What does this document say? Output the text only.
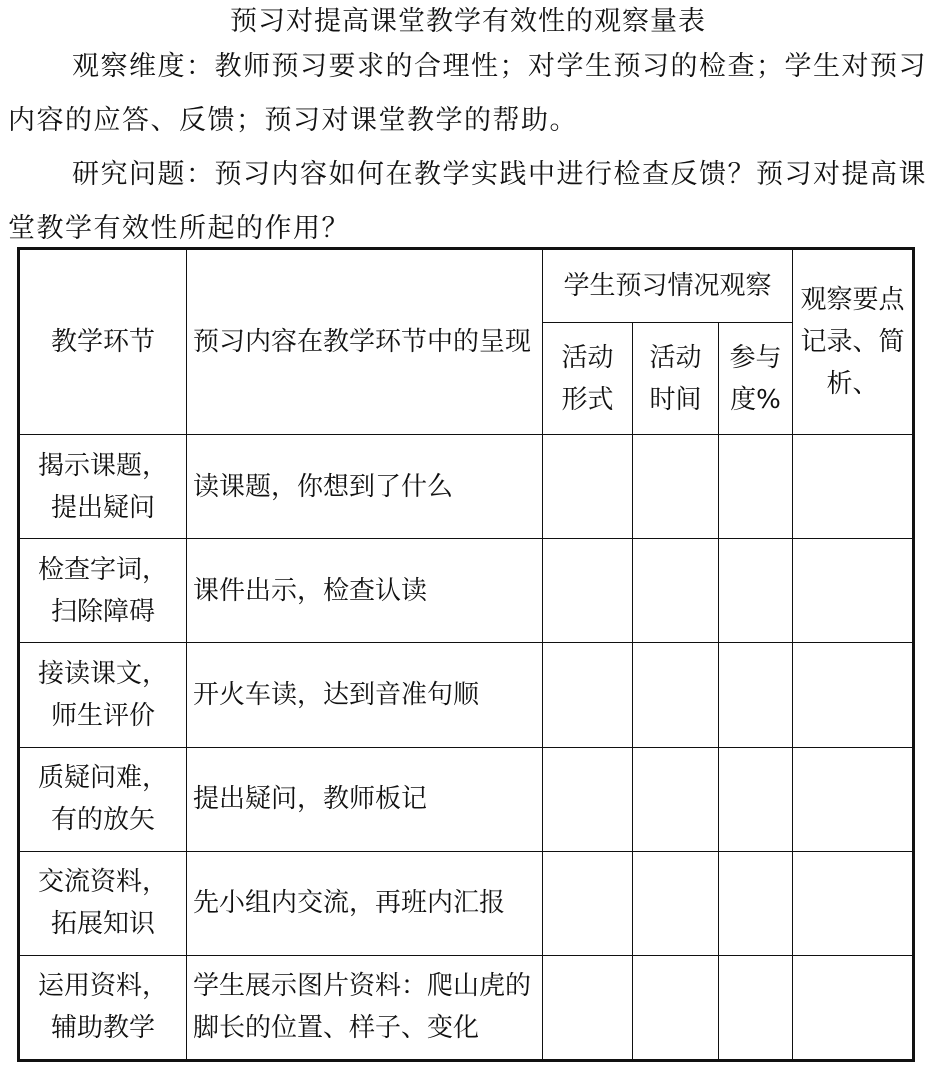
预习对提高课堂教学有效性的观察量表
观察维度：教师预习要求的合理性；对学生预习的检查；学生对预习内容的应答、反馈；预习对课堂教学的帮助。
研究问题：预习内容如何在教学实践中进行检查反馈？预习对提高课堂教学有效性所起的作用？
教学环节	预习内容在教学环节中的呈现	学生预习情况观察			观察要点记录、简析、
		活动形式	活动时间	参与度%	

揭示课题，
提出疑问	读课题，你想到了什么				

检查字词，
扫除障碍	课件出示，检查认读				

接读课文，
师生评价	开火车读，达到音准句顺				

质疑问难，
有的放矢	提出疑问，教师板记				

交流资料，
拓展知识	先小组内交流，再班内汇报				

运用资料，
辅助教学	学生展示图片资料：爬山虎的脚长的位置、样子、变化				
